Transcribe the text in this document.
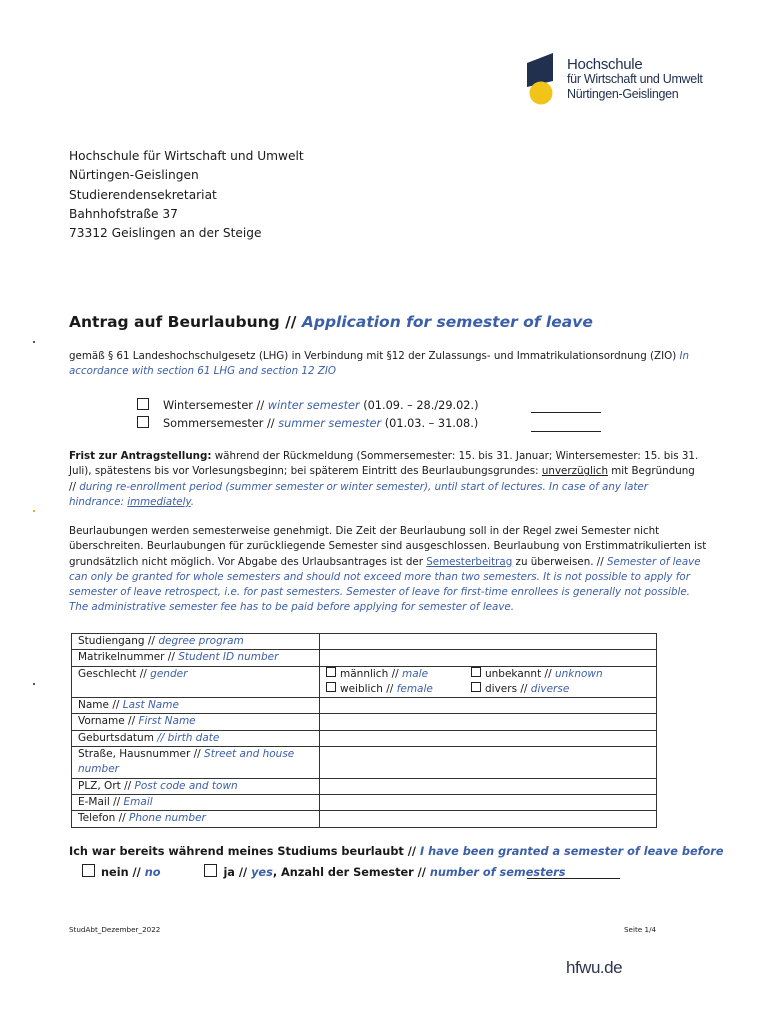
Hochschule
für Wirtschaft und Umwelt
Nürtingen-Geislingen
Hochschule für Wirtschaft und Umwelt
Nürtingen-Geislingen
Studierendensekretariat
Bahnhofstraße 37
73312 Geislingen an der Steige
Antrag auf Beurlaubung // Application for semester of leave
gemäß § 61 Landeshochschulgesetz (LHG) in Verbindung mit §12 der Zulassungs- und Immatrikulationsordnung (ZIO) In accordance with section 61 LHG and section 12 ZIO
Wintersemester // winter semester (01.09. – 28./29.02.)
Sommersemester // summer semester (01.03. – 31.08.)
Frist zur Antragstellung: während der Rückmeldung (Sommersemester: 15. bis 31. Januar; Wintersemester: 15. bis 31. Juli), spätestens bis vor Vorlesungsbeginn; bei späterem Eintritt des Beurlaubungsgrundes: unverzüglich mit Begründung // during re-enrollment period (summer semester or winter semester), until start of lectures. In case of any later hindrance: immediately.
Beurlaubungen werden semesterweise genehmigt. Die Zeit der Beurlaubung soll in der Regel zwei Semester nicht überschreiten. Beurlaubungen für zurückliegende Semester sind ausgeschlossen. Beurlaubung von Erstimmatrikulierten ist grundsätzlich nicht möglich. Vor Abgabe des Urlaubsantrages ist der Semesterbeitrag zu überweisen. // Semester of leave can only be granted for whole semesters and should not exceed more than two semesters. It is not possible to apply for semester of leave retrospect, i.e. for past semesters. Semester of leave for first-time enrollees is generally not possible. The administrative semester fee has to be paid before applying for semester of leave.
Studiengang // degree program	
Matrikelnummer // Student ID number	
Geschlecht // gender	männlich // male unbekannt // unknown
weiblich // female divers // diverse
Name // Last Name	
Vorname // First Name	
Geburtsdatum // birth date	
Straße, Hausnummer // Street and house number	
PLZ, Ort // Post code and town	
E-Mail // Email	
Telefon // Phone number	
Ich war bereits während meines Studiums beurlaubt // I have been granted a semester of leave before
nein // no	ja // yes, Anzahl der Semester // number of semesters
StudAbt_Dezember_2022	Seite 1/4
hfwu.de
